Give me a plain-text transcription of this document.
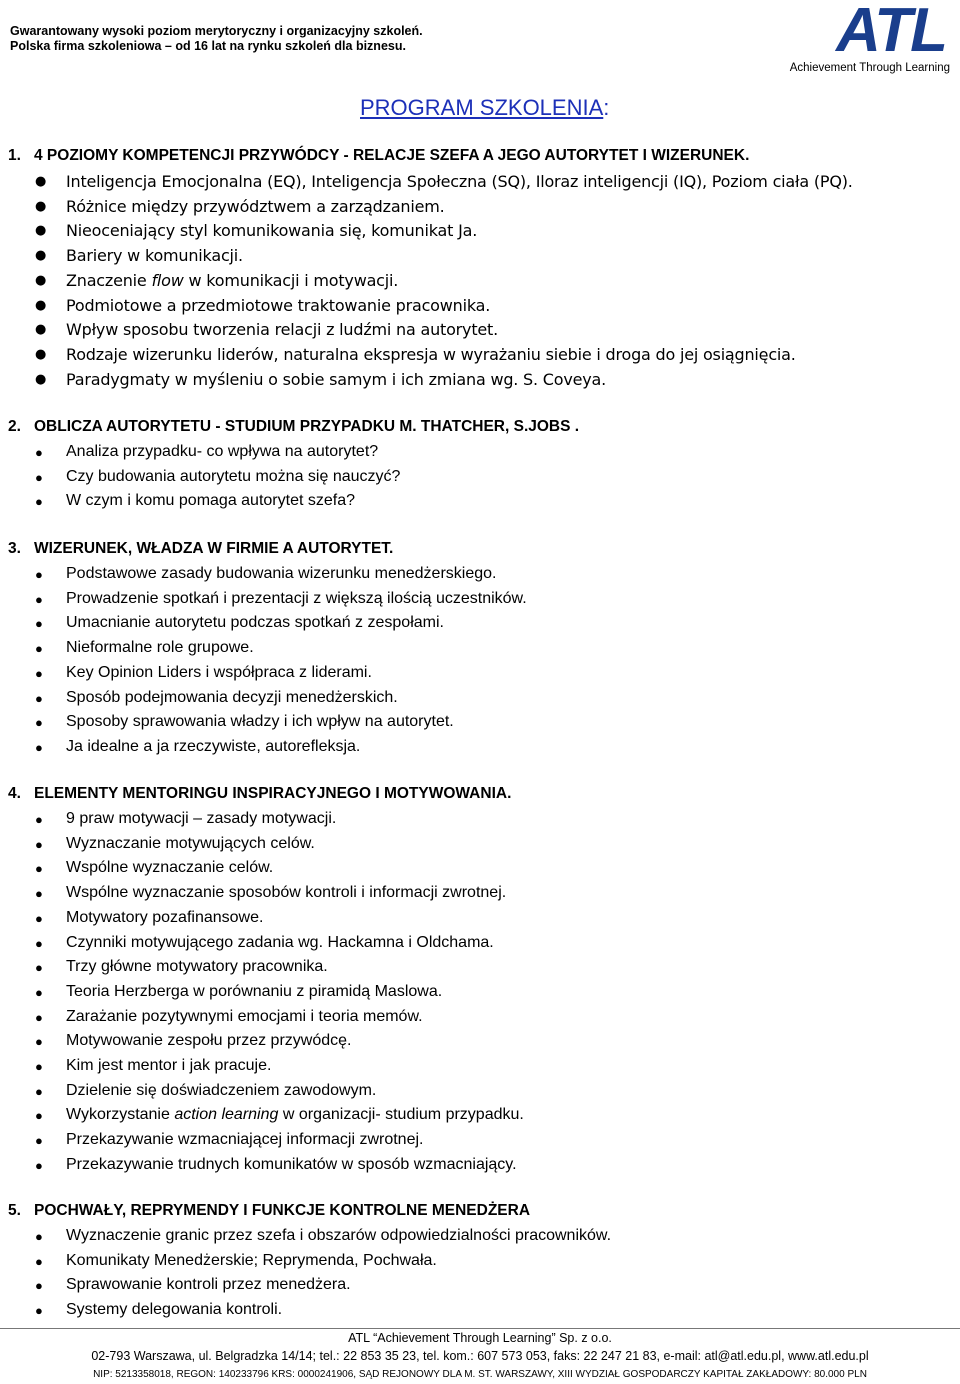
Gwarantowany wysoki poziom merytoryczny i organizacyjny szkoleń.
Polska firma szkoleniowa – od 16 lat na rynku szkoleń dla biznesu.	ATL
Achievement Through Learning
PROGRAM SZKOLENIA:
1. 4 POZIOMY KOMPETENCJI PRZYWÓDCY - RELACJE SZEFA A JEGO AUTORYTET I WIZERUNEK.
● Inteligencja Emocjonalna (EQ), Inteligencja Społeczna (SQ), Iloraz inteligencji (IQ), Poziom ciała (PQ).
● Różnice między przywództwem a zarządzaniem.
● Nieoceniający styl komunikowania się, komunikat Ja.
● Bariery w komunikacji.
● Znaczenie flow w komunikacji i motywacji.
● Podmiotowe a przedmiotowe traktowanie pracownika.
● Wpływ sposobu tworzenia relacji z ludźmi na autorytet.
● Rodzaje wizerunku liderów, naturalna ekspresja w wyrażaniu siebie i droga do jej osiągnięcia.
● Paradygmaty w myśleniu o sobie samym i ich zmiana wg. S. Coveya.
2. OBLICZA AUTORYTETU - STUDIUM PRZYPADKU M. THATCHER, S.JOBS .
● Analiza przypadku- co wpływa na autorytet?
● Czy budowania autorytetu można się nauczyć?
● W czym i komu pomaga autorytet szefa?
3. WIZERUNEK, WŁADZA W FIRMIE A AUTORYTET.
● Podstawowe zasady budowania wizerunku menedżerskiego.
● Prowadzenie spotkań i prezentacji z większą ilością uczestników.
● Umacnianie autorytetu podczas spotkań z zespołami.
● Nieformalne role grupowe.
● Key Opinion Liders i współpraca z liderami.
● Sposób podejmowania decyzji menedżerskich.
● Sposoby sprawowania władzy i ich wpływ na autorytet.
● Ja idealne a ja rzeczywiste, autorefleksja.
4. ELEMENTY MENTORINGU INSPIRACYJNEGO I MOTYWOWANIA.
● 9 praw motywacji – zasady motywacji.
● Wyznaczanie motywujących celów.
● Wspólne wyznaczanie celów.
● Wspólne wyznaczanie sposobów kontroli i informacji zwrotnej.
● Motywatory pozafinansowe.
● Czynniki motywującego zadania wg. Hackamna i Oldchama.
● Trzy główne motywatory pracownika.
● Teoria Herzberga w porównaniu z piramidą Maslowa.
● Zarażanie pozytywnymi emocjami i teoria memów.
● Motywowanie zespołu przez przywódcę.
● Kim jest mentor i jak pracuje.
● Dzielenie się doświadczeniem zawodowym.
● Wykorzystanie action learning w organizacji- studium przypadku.
● Przekazywanie wzmacniającej informacji zwrotnej.
● Przekazywanie trudnych komunikatów w sposób wzmacniający.
5. POCHWAŁY, REPRYMENDY I FUNKCJE KONTROLNE MENEDŻERA
● Wyznaczenie granic przez szefa i obszarów odpowiedzialności pracowników.
● Komunikaty Menedżerskie; Reprymenda, Pochwała.
● Sprawowanie kontroli przez menedżera.
● Systemy delegowania kontroli.
ATL “Achievement Through Learning” Sp. z o.o.
02-793 Warszawa, ul. Belgradzka 14/14; tel.: 22 853 35 23, tel. kom.: 607 573 053, faks: 22 247 21 83, e-mail: atl@atl.edu.pl, www.atl.edu.pl
NIP: 5213358018, REGON: 140233796 KRS: 0000241906, SĄD REJONOWY DLA M. ST. WARSZAWY, XIII WYDZIAŁ GOSPODARCZY KAPITAŁ ZAKŁADOWY: 80.000 PLN
